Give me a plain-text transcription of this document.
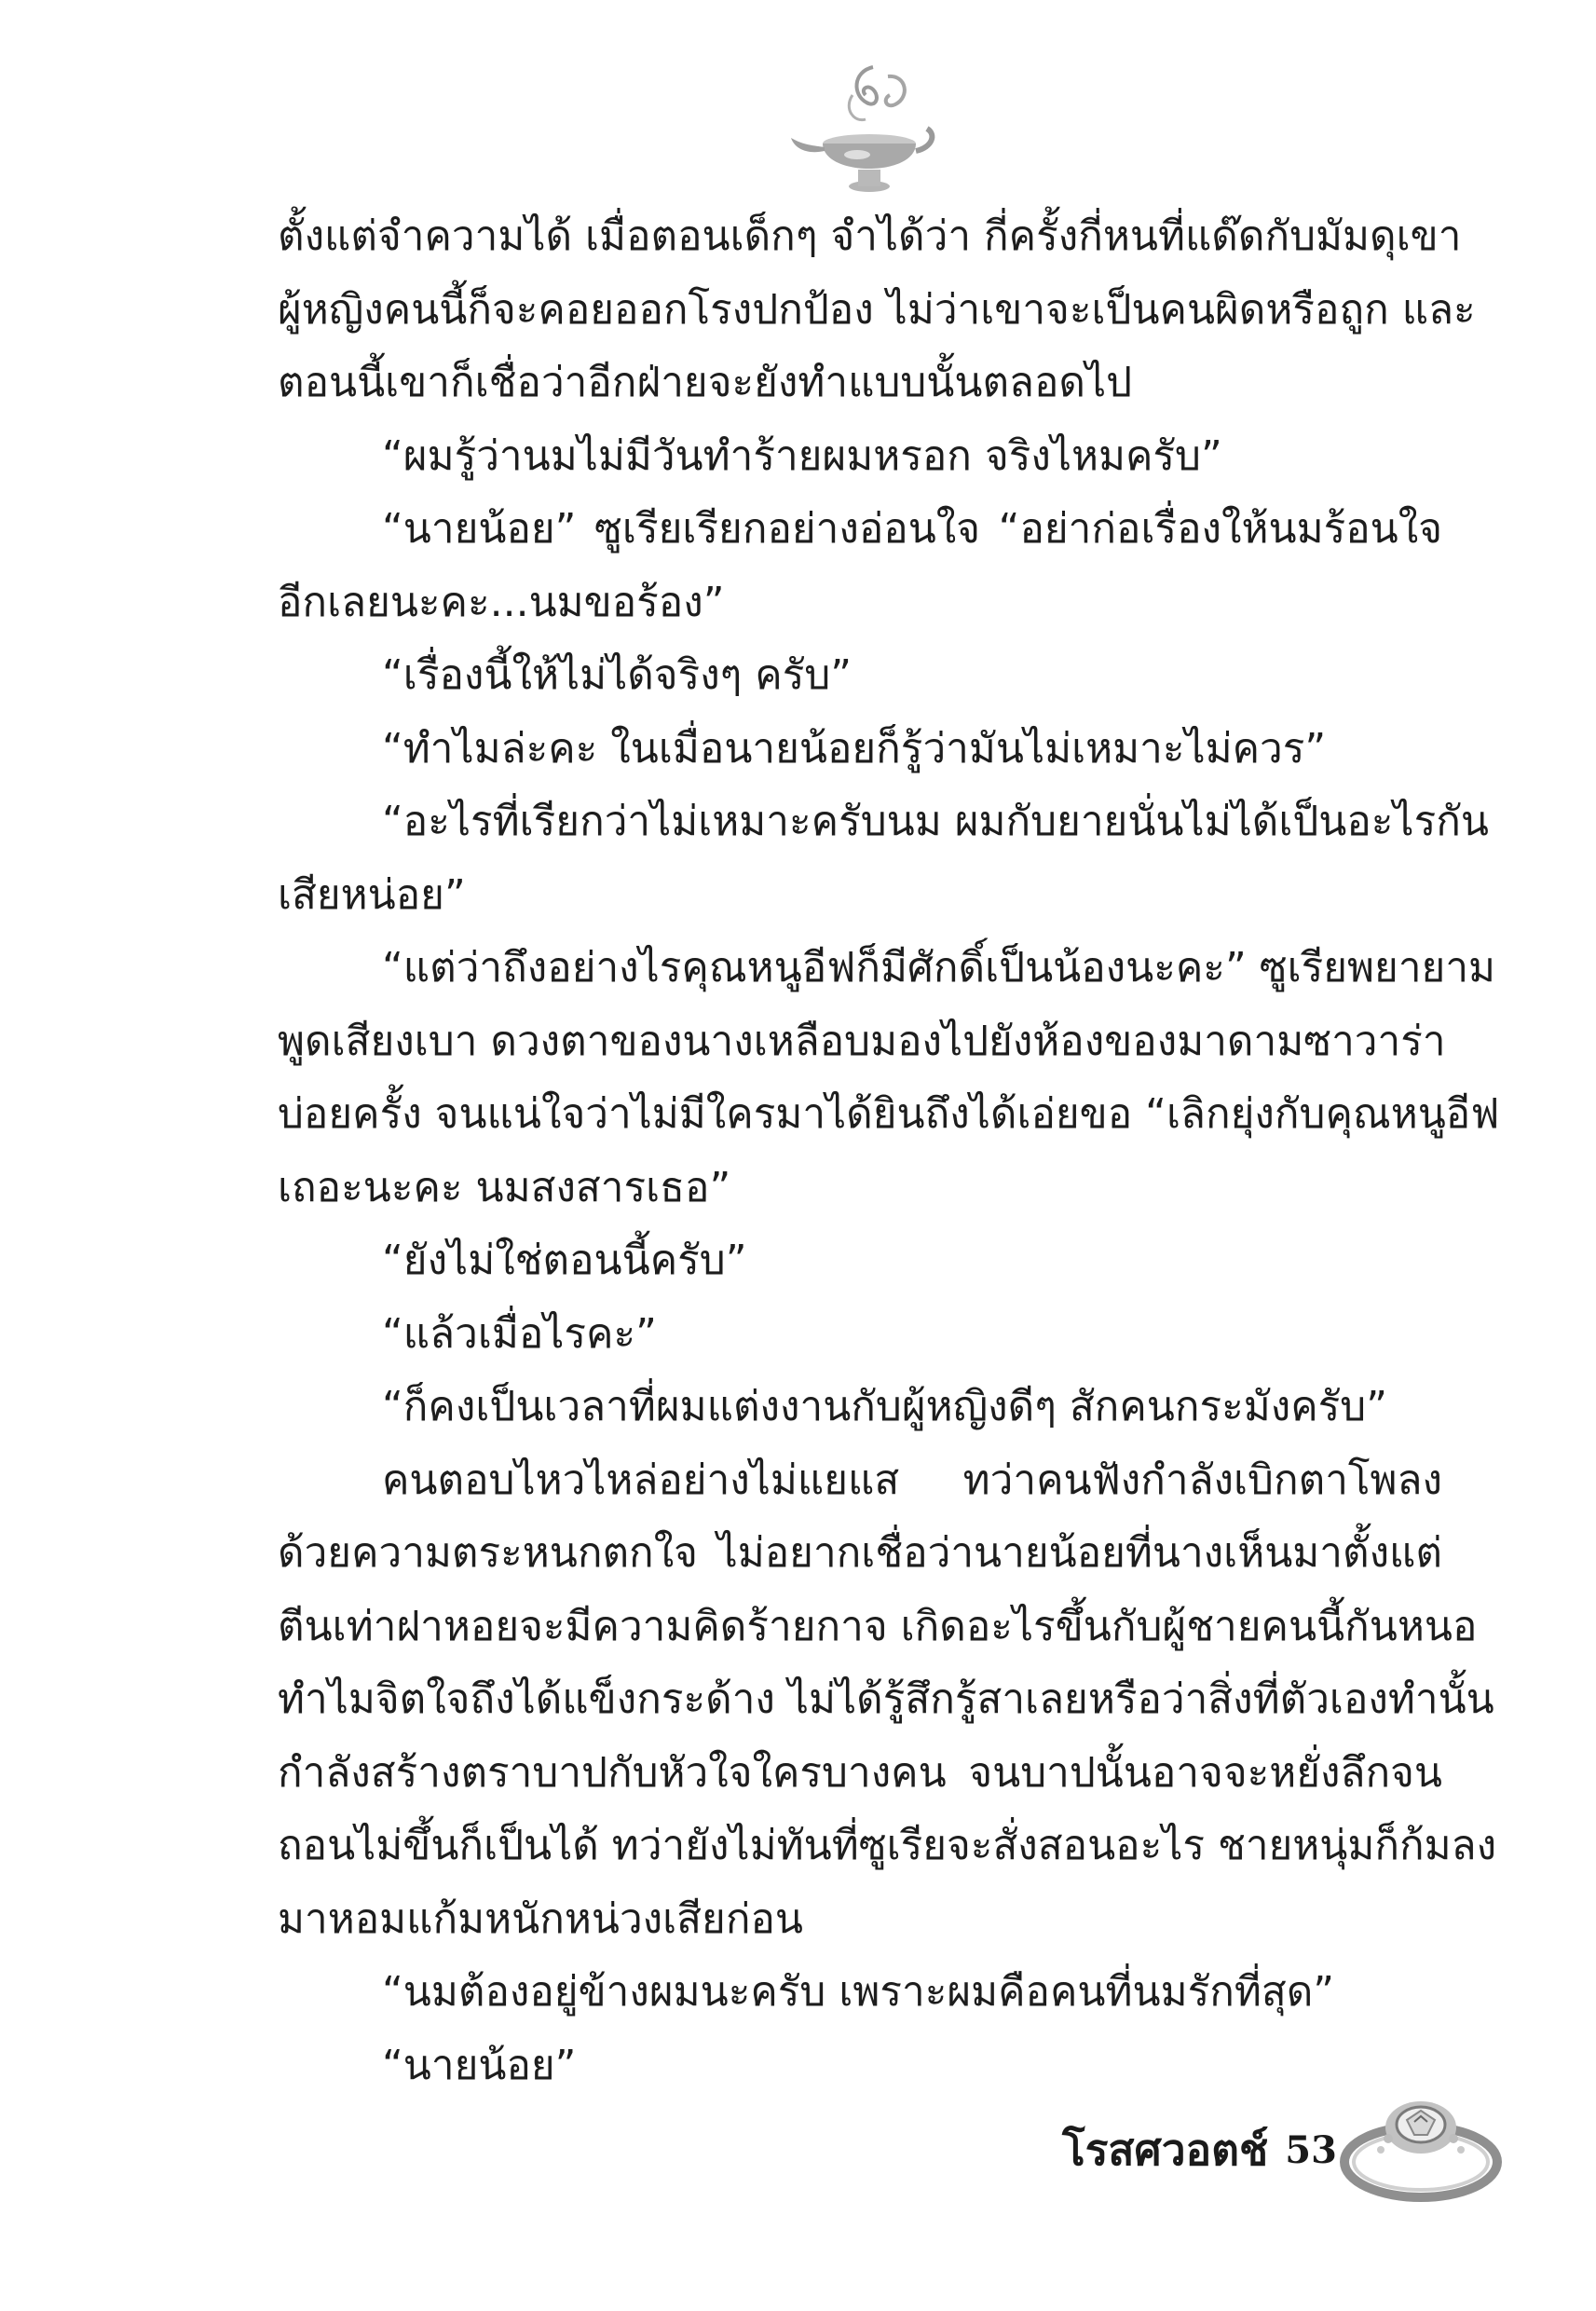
ตั้งแต่จำความได้ เมื่อตอนเด็กๆ จำได้ว่า กี่ครั้งกี่หนที่แด๊ดกับมัมดุเขา
ผู้หญิงคนนี้ก็จะคอยออกโรงปกป้อง ไม่ว่าเขาจะเป็นคนผิดหรือถูก และ
ตอนนี้เขาก็เชื่อว่าอีกฝ่ายจะยังทำแบบนั้นตลอดไป
“ผมรู้ว่านมไม่มีวันทำร้ายผมหรอก จริงไหมครับ”
“นายน้อย” ซูเรียเรียกอย่างอ่อนใจ “อย่าก่อเรื่องให้นมร้อนใจ
อีกเลยนะคะ...นมขอร้อง”
“เรื่องนี้ให้ไม่ได้จริงๆ ครับ”
“ทำไมล่ะคะ ในเมื่อนายน้อยก็รู้ว่ามันไม่เหมาะไม่ควร”
“อะไรที่เรียกว่าไม่เหมาะครับนม ผมกับยายนั่นไม่ได้เป็นอะไรกัน
เสียหน่อย”
“แต่ว่าถึงอย่างไรคุณหนูอีฟก็มีศักดิ์เป็นน้องนะคะ” ซูเรียพยายาม
พูดเสียงเบา ดวงตาของนางเหลือบมองไปยังห้องของมาดามซาวาร่า
บ่อยครั้ง จนแน่ใจว่าไม่มีใครมาได้ยินถึงได้เอ่ยขอ “เลิกยุ่งกับคุณหนูอีฟ
เถอะนะคะ นมสงสารเธอ”
“ยังไม่ใช่ตอนนี้ครับ”
“แล้วเมื่อไรคะ”
“ก็คงเป็นเวลาที่ผมแต่งงานกับผู้หญิงดีๆ สักคนกระมังครับ”
คนตอบไหวไหล่อย่างไม่แยแส ทว่าคนฟังกำลังเบิกตาโพลง
ด้วยความตระหนกตกใจ ไม่อยากเชื่อว่านายน้อยที่นางเห็นมาตั้งแต่
ตีนเท่าฝาหอยจะมีความคิดร้ายกาจ เกิดอะไรขึ้นกับผู้ชายคนนี้กันหนอ
ทำไมจิตใจถึงได้แข็งกระด้าง ไม่ได้รู้สึกรู้สาเลยหรือว่าสิ่งที่ตัวเองทำนั้น
กำลังสร้างตราบาปกับหัวใจใครบางคน จนบาปนั้นอาจจะหยั่งลึกจน
ถอนไม่ขึ้นก็เป็นได้ ทว่ายังไม่ทันที่ซูเรียจะสั่งสอนอะไร ชายหนุ่มก็ก้มลง
มาหอมแก้มหนักหน่วงเสียก่อน
“นมต้องอยู่ข้างผมนะครับ เพราะผมคือคนที่นมรักที่สุด”
“นายน้อย”
โรสศวอตช์ 53
